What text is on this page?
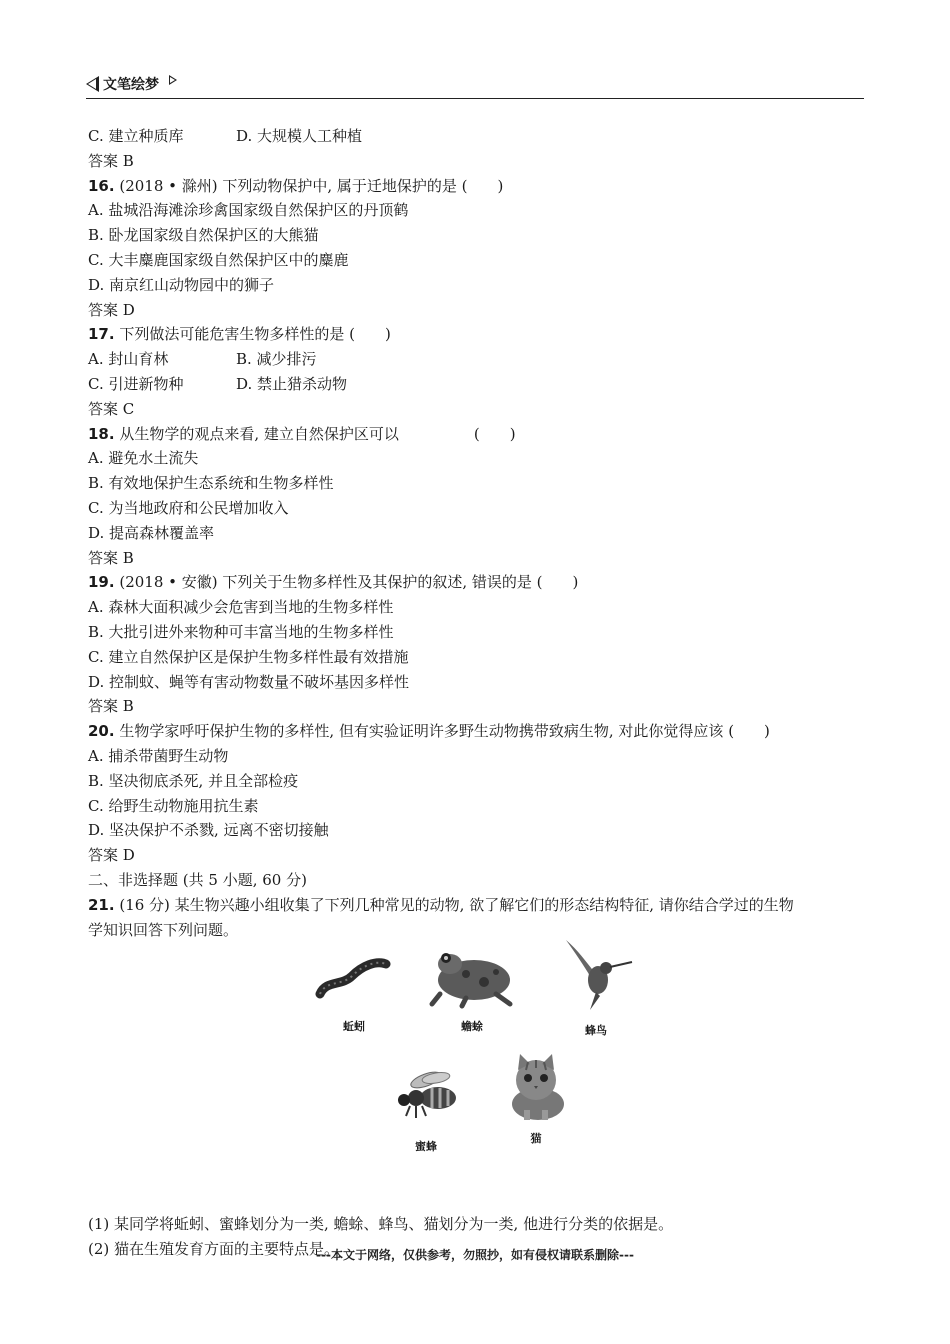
文笔绘梦
C. 建立种质库	D. 大规模人工种植
答案 B
16. (2018 • 滁州) 下列动物保护中, 属于迁地保护的是 (　　)
A. 盐城沿海滩涂珍禽国家级自然保护区的丹顶鹤
B. 卧龙国家级自然保护区的大熊猫
C. 大丰麋鹿国家级自然保护区中的麋鹿
D. 南京红山动物园中的狮子
答案 D
17. 下列做法可能危害生物多样性的是 (　　)
A. 封山育林	B. 减少排污
C. 引进新物种	D. 禁止猎杀动物
答案 C
18. 从生物学的观点来看, 建立自然保护区可以　　　　　(　　)
A. 避免水土流失
B. 有效地保护生态系统和生物多样性
C. 为当地政府和公民增加收入
D. 提高森林覆盖率
答案 B
19. (2018 • 安徽) 下列关于生物多样性及其保护的叙述, 错误的是 (　　)
A. 森林大面积减少会危害到当地的生物多样性
B. 大批引进外来物种可丰富当地的生物多样性
C. 建立自然保护区是保护生物多样性最有效措施
D. 控制蚊、蝇等有害动物数量不破坏基因多样性
答案 B
20. 生物学家呼吁保护生物的多样性, 但有实验证明许多野生动物携带致病生物, 对此你觉得应该 (　　)
A. 捕杀带菌野生动物
B. 坚决彻底杀死, 并且全部检疫
C. 给野生动物施用抗生素
D. 坚决保护不杀戮, 远离不密切接触
答案 D
二、非选择题 (共 5 小题, 60 分)
21. (16 分) 某生物兴趣小组收集了下列几种常见的动物, 欲了解它们的形态结构特征, 请你结合学过的生物
学知识回答下列问题。
蚯蚓	蟾蜍	蜂鸟
蜜蜂
猫
(1) 某同学将蚯蚓、蜜蜂划分为一类, 蟾蜍、蜂鸟、猫划分为一类, 他进行分类的依据是。
(2) 猫在生殖发育方面的主要特点是。
---本文于网络，仅供参考，勿照抄，如有侵权请联系删除---
